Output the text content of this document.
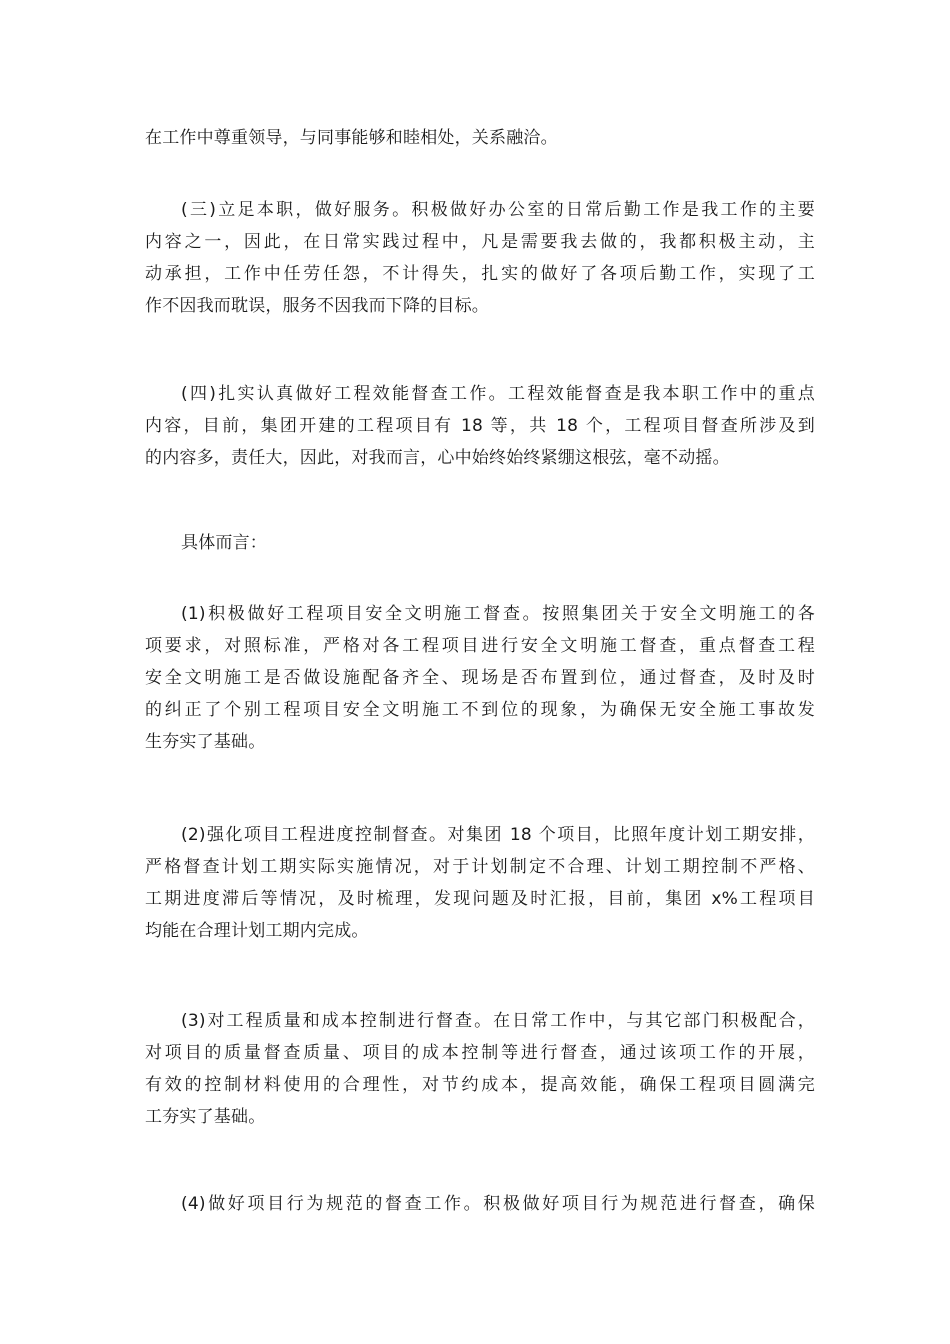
在工作中尊重领导，与同事能够和睦相处，关系融洽。
(三)立足本职，做好服务。积极做好办公室的日常后勤工作是我工作的主要
内容之一，因此，在日常实践过程中，凡是需要我去做的，我都积极主动，主
动承担，工作中任劳任怨，不计得失，扎实的做好了各项后勤工作，实现了工
作不因我而耽误，服务不因我而下降的目标。
(四)扎实认真做好工程效能督查工作。工程效能督查是我本职工作中的重点
内容，目前，集团开建的工程项目有 18 等，共 18 个，工程项目督查所涉及到
的内容多，责任大，因此，对我而言，心中始终始终紧绷这根弦，毫不动摇。
具体而言：
(1)积极做好工程项目安全文明施工督查。按照集团关于安全文明施工的各
项要求，对照标准，严格对各工程项目进行安全文明施工督查，重点督查工程
安全文明施工是否做设施配备齐全、现场是否布置到位，通过督查，及时及时
的纠正了个别工程项目安全文明施工不到位的现象，为确保无安全施工事故发
生夯实了基础。
(2)强化项目工程进度控制督查。对集团 18 个项目，比照年度计划工期安排，
严格督查计划工期实际实施情况，对于计划制定不合理、计划工期控制不严格、
工期进度滞后等情况，及时梳理，发现问题及时汇报，目前，集团 x%工程项目
均能在合理计划工期内完成。
(3)对工程质量和成本控制进行督查。在日常工作中，与其它部门积极配合，
对项目的质量督查质量、项目的成本控制等进行督查，通过该项工作的开展，
有效的控制材料使用的合理性，对节约成本，提高效能，确保工程项目圆满完
工夯实了基础。
(4)做好项目行为规范的督查工作。积极做好项目行为规范进行督查，确保
